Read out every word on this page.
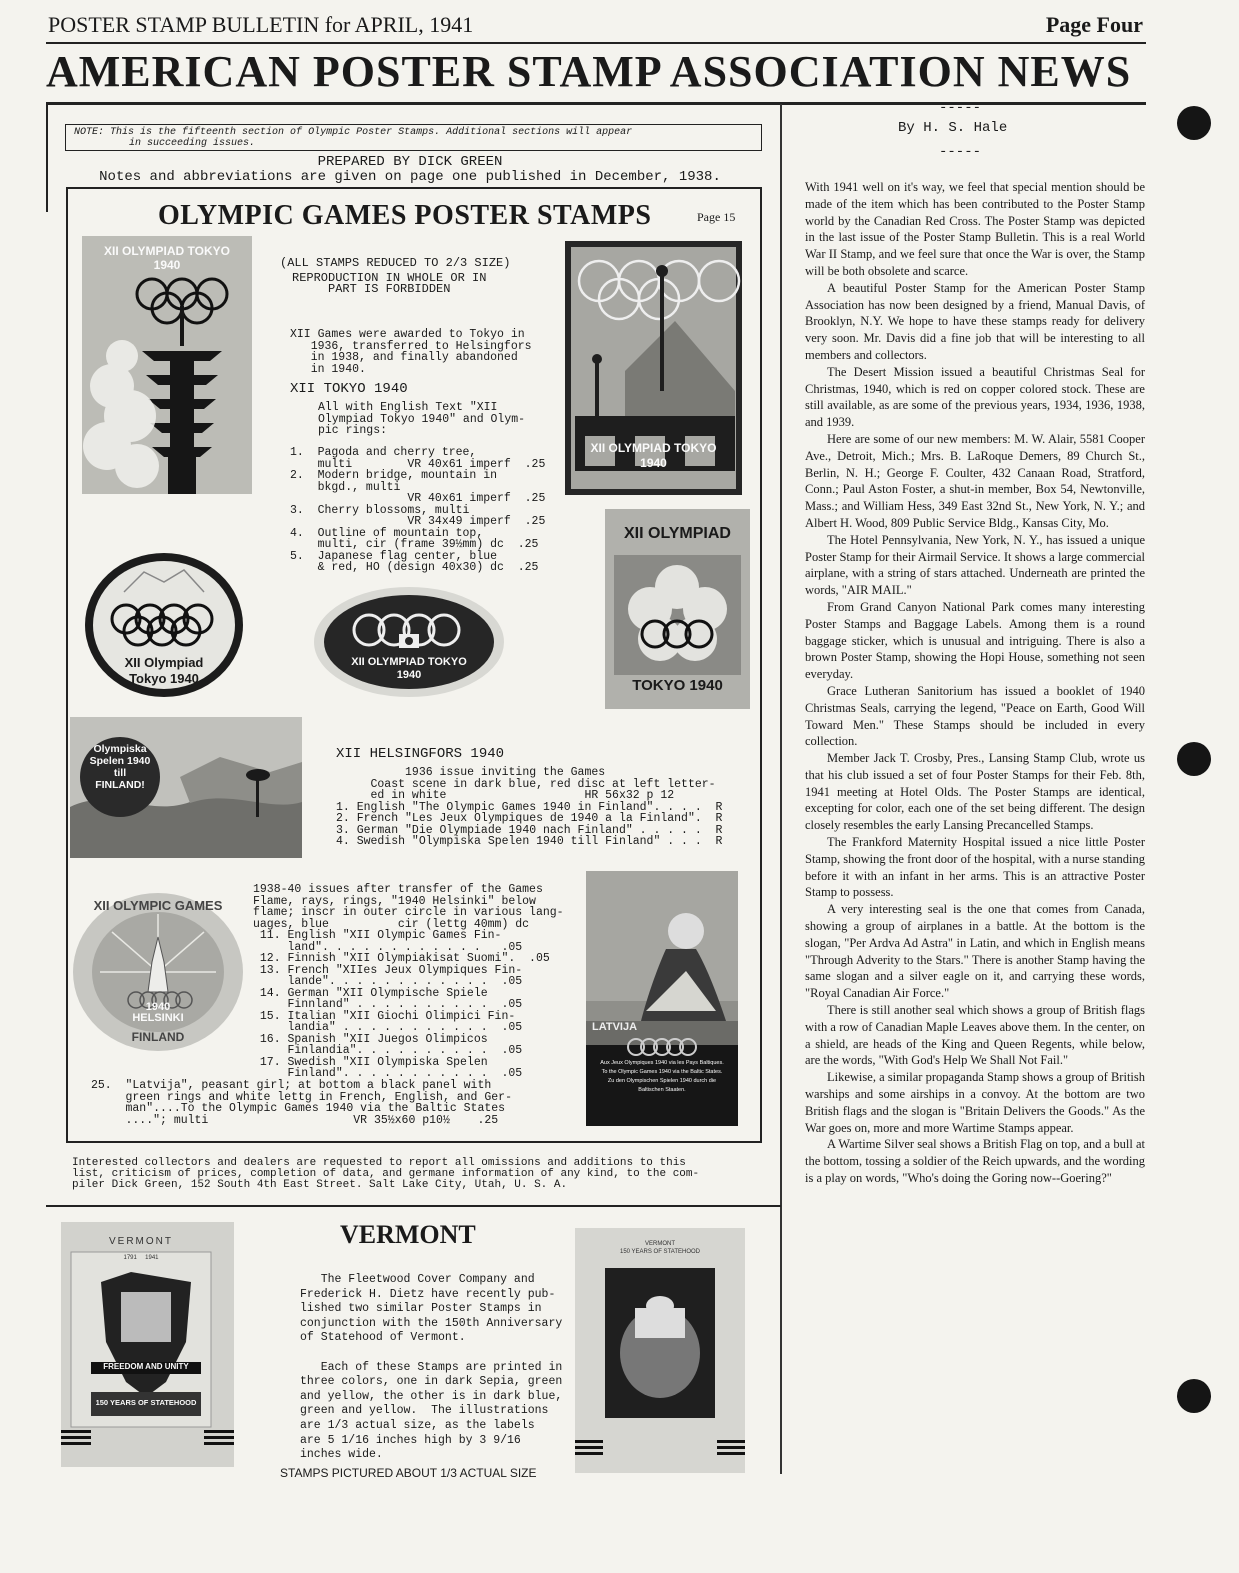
POSTER STAMP BULLETIN for APRIL, 1941	Page Four
AMERICAN POSTER STAMP ASSOCIATION NEWS
NOTE: This is the fifteenth section of Olympic Poster Stamps. Additional sections will appear
in succeeding issues.
PREPARED BY DICK GREEN
Notes and abbreviations are given on page one published in December, 1938.
OLYMPIC GAMES POSTER STAMPS	Page 15
(ALL STAMPS REDUCED TO 2/3 SIZE)
REPRODUCTION IN WHOLE OR IN
PART IS FORBIDDEN
XII Games were awarded to Tokyo in
1936, transferred to Helsingfors
in 1938, and finally abandoned
in 1940.
XII TOKYO 1940
All with English Text "XII
Olympiad Tokyo 1940" and Olym-
pic rings:
1.  Pagoda and cherry tree,
multi        VR 40x61 imperf  .25
2.  Modern bridge, mountain in
bkgd., multi
VR 40x61 imperf  .25
3.  Cherry blossoms, multi
VR 34x49 imperf  .25
4.  Outline of mountain top,
multi, cir (frame 39½mm) dc  .25
5.  Japanese flag center, blue
& red, HO (design 40x30) dc  .25
XII HELSINGFORS 1940
1936 issue inviting the Games
Coast scene in dark blue, red disc at left letter-
ed in white                    HR 56x32 p 12
1. English "The Olympic Games 1940 in Finland". . . .  R
2. French "Les Jeux Olympiques de 1940 a la Finland".  R
3. German "Die Olympiade 1940 nach Finland" . . . . .  R
4. Swedish "Olympiska Spelen 1940 till Finland" . . .  R
1938-40 issues after transfer of the Games
Flame, rays, rings, "1940 Helsinki" below
flame; inscr in outer circle in various lang-
uages, blue          cir (lettg 40mm) dc
11. English "XII Olympic Games Fin-
land". . . . . . . . . . . .   .05
12. Finnish "XII Olympiakisat Suomi".  .05
13. French "XIIes Jeux Olympiques Fin-
lande". . . . . . . . . . . .  .05
14. German "XII Olympische Spiele
Finnland" . . . . . . . . . .  .05
15. Italian "XII Giochi Olimpici Fin-
landia" . . . . . . . . . . .  .05
16. Spanish "XII Juegos Olimpicos
Finlandia". . . . . . . . . .  .05
17. Swedish "XII Olympiska Spelen
Finland". . . . . . . . . . .  .05
25.  "Latvija", peasant girl; at bottom a black panel with
green rings and white lettg in French, English, and Ger-
man"....To the Olympic Games 1940 via the Baltic States
...."; multi                     VR 35½x60 p10½    .25
XII OLYMPIAD TOKYO
1940
XII OLYMPIAD TOKYO
1940
XII OLYMPIAD
TOKYO 1940
XII Olympiad
Tokyo 1940
XII OLYMPIAD TOKYO
1940
Olympiska
Spelen 1940
till
FINLAND!
XII OLYMPIC GAMES
1940
HELSINKI
FINLAND
LATVIJA
Aux Jeux Olympiques 1940 via les Pays Baltiques.
To the Olympic Games 1940 via the Baltic States.
Zu den Olympischen Spielen 1940 durch die
Baltischen Staaten.
Interested collectors and dealers are requested to report all omissions and additions to this
list, criticism of prices, completion of data, and germane information of any kind, to the com-
piler Dick Green, 152 South 4th East Street. Salt Lake City, Utah, U. S. A.
VERMONT
The Fleetwood Cover Company and
Frederick H. Dietz have recently pub-
lished two similar Poster Stamps in
conjunction with the 150th Anniversary
of Statehood of Vermont.

Each of these Stamps are printed in
three colors, one in dark Sepia, green
and yellow, the other is in dark blue,
green and yellow.  The illustrations
are 1/3 actual size, as the labels
are 5 1/16 inches high by 3 9/16
inches wide.
STAMPS PICTURED ABOUT 1/3 ACTUAL SIZE
VERMONT
1791     1941
FREEDOM AND UNITY
150 YEARS OF STATEHOOD
VERMONT
150 YEARS OF STATEHOOD
-----
By H. S. Hale
-----

With 1941 well on it's way, we feel that special mention should be made of the item which has been contributed to the Poster Stamp world by the Canadian Red Cross. The Poster Stamp was depicted in the last issue of the Poster Stamp Bulletin. This is a real World War II Stamp, and we feel sure that once the War is over, the Stamp will be both obsolete and scarce.

A beautiful Poster Stamp for the American Poster Stamp Association has now been designed by a friend, Manual Davis, of Brooklyn, N.Y. We hope to have these stamps ready for delivery very soon. Mr. Davis did a fine job that will be interesting to all members and collectors.

The Desert Mission issued a beautiful Christmas Seal for Christmas, 1940, which is red on copper colored stock. These are still available, as are some of the previous years, 1934, 1936, 1938, and 1939.

Here are some of our new members: M. W. Alair, 5581 Cooper Ave., Detroit, Mich.; Mrs. B. LaRoque Demers, 89 Church St., Berlin, N. H.; George F. Coulter, 432 Canaan Road, Stratford, Conn.; Paul Aston Foster, a shut-in member, Box 54, Newtonville, Mass.; and William Hess, 349 East 32nd St., New York, N. Y.; and Albert H. Wood, 809 Public Service Bldg., Kansas City, Mo.

The Hotel Pennsylvania, New York, N. Y., has issued a unique Poster Stamp for their Airmail Service. It shows a large commercial airplane, with a string of stars attached. Underneath are printed the words, "AIR MAIL."

From Grand Canyon National Park comes many interesting Poster Stamps and Baggage Labels. Among them is a round baggage sticker, which is unusual and intriguing. There is also a brown Poster Stamp, showing the Hopi House, something not seen everyday.

Grace Lutheran Sanitorium has issued a booklet of 1940 Christmas Seals, carrying the legend, "Peace on Earth, Good Will Toward Men." These Stamps should be included in every collection.

Member Jack T. Crosby, Pres., Lansing Stamp Club, wrote us that his club issued a set of four Poster Stamps for their Feb. 8th, 1941 meeting at Hotel Olds. The Poster Stamps are identical, excepting for color, each one of the set being different. The design closely resembles the early Lansing Precancelled Stamps.

The Frankford Maternity Hospital issued a nice little Poster Stamp, showing the front door of the hospital, with a nurse standing before it with an infant in her arms. This is an attractive Poster Stamp to possess.

A very interesting seal is the one that comes from Canada, showing a group of airplanes in a battle. At the bottom is the slogan, "Per Ardva Ad Astra" in Latin, and which in English means "Through Adverity to the Stars." There is another Stamp having the same slogan and a silver eagle on it, and carrying these words, "Royal Canadian Air Force."

There is still another seal which shows a group of British flags with a row of Canadian Maple Leaves above them. In the center, on a shield, are heads of the King and Queen Regents, while below, are the words, "With God's Help We Shall Not Fail."

Likewise, a similar propaganda Stamp shows a group of British warships and some airships in a convoy. At the bottom are two British flags and the slogan is "Britain Delivers the Goods." As the War goes on, more and more Wartime Stamps appear.

A Wartime Silver seal shows a British Flag on top, and a bull at the bottom, tossing a soldier of the Reich upwards, and the wording is a play on words, "Who's doing the Goring now--Goering?"
